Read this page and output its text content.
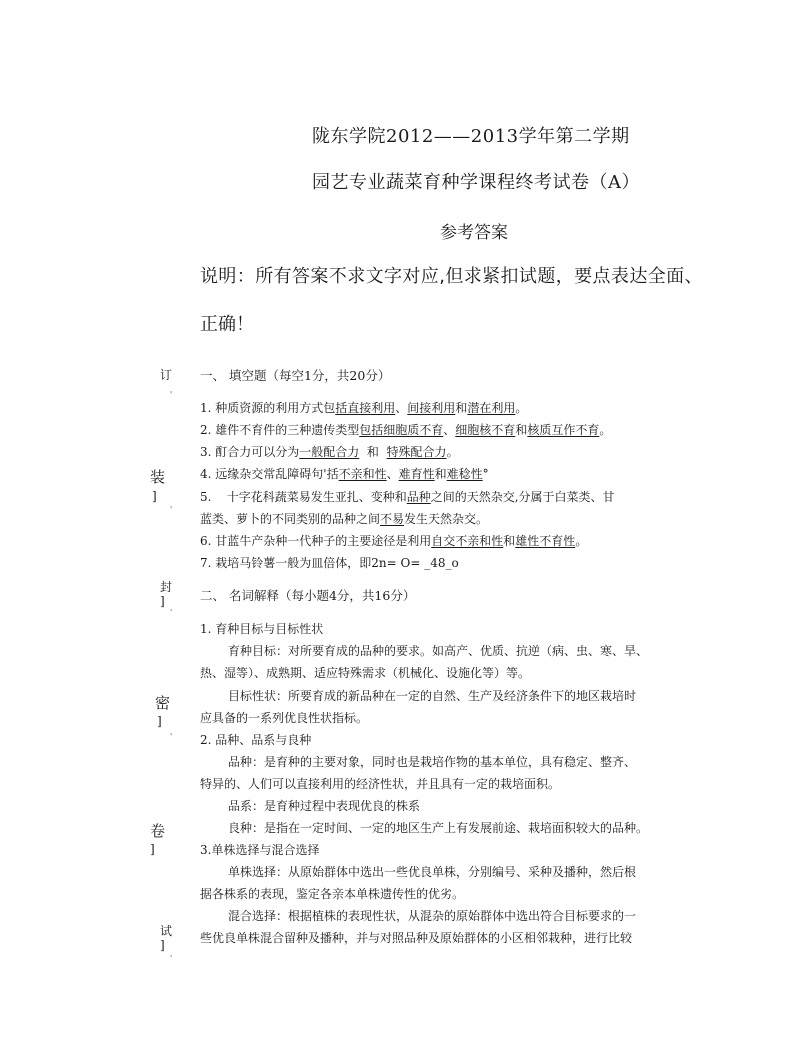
陇东学院2012——2013学年第二学期
园艺专业蔬菜育种学课程终考试卷（A）
参考答案
说明：所有答案不求文字对应,但求紧扣试题，要点表达全面、
正确！
订
'
装
]
'
封
]
'
密
]
'
卷
]
试
]
'
一、 填空题（每空1分，共20分）
1. 种质资源的利用方式包括直接利用、间接利用和潜在利用。
2. 雄件不育件的三种遗传类型包括细胞质不育、细胞核不育和核质互作不育。
3. 酊合力可以分为一般配合力  和  特殊配合力。
4. 远缘杂交常乱障碍句'括不亲和性、难育性和难稔性°
5.    十字花科蔬菜易发生亚扎、变种和品种之间的天然杂交,分属于白菜类、甘
蓝类、萝卜的不同类别的品种之间不易发生天然杂交。
6. 甘蓝牛产杂种一代种子的主要途径是利用自交不亲和性和雄性不育性。
7. 栽培马铃薯一般为皿倍体，即2n= O= _48_o
二、 名词解释（每小题4分，共16分）
1. 育种目标与目标性状
育种目标：对所要育成的品种的要求。如高产、优质、抗逆（病、虫、寒、旱、
热、湿等）、成熟期、适应特殊需求（机械化、设施化等）等。
目标性状：所要育成的新品种在一定的自然、生产及经济条件下的地区栽培时
应具备的一系列优良性状指标。
2. 品种、品系与良种
品种：是育种的主要对象，同时也是栽培作物的基本单位，具有稳定、整齐、
特异的、人们可以直接利用的经济性状，并且具有一定的栽培面积。
品系：是育种过程中表现优良的株系
良种：是指在一定时间、一定的地区生产上有发展前途、栽培面积较大的品种。
3.单株选择与混合选择
单株选择：从原始群体中选出一些优良单株，分别编号、采种及播种，然后根
据各株系的表现，鉴定各亲本单株遗传性的优劣。
混合选择：根据植株的表现性状，从混杂的原始群体中选出符合目标要求的一
些优良单株混合留种及播种，并与对照品种及原始群体的小区相邻栽种，进行比较
